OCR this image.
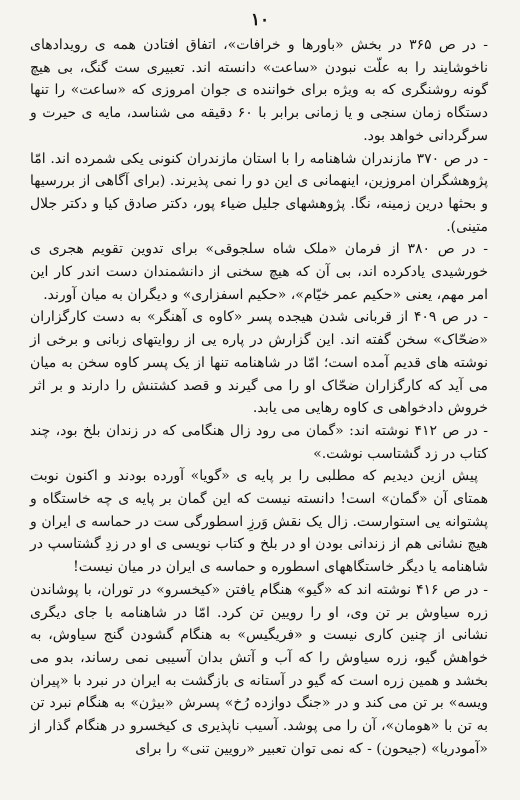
۱۰

- در ص ۳۶۵ در بخش «باورها و خرافات»، اتفاق افتادن همه ی رویدادهای ناخوشایند را به علّت نبودن «ساعت» دانسته اند. تعبیری ست گنگ، بی هیچ گونه روشنگری که به ویژه برای خواننده ی جوان امروزی که «ساعت» را تنها دستگاه زمان سنجی و یا زمانی برابر با ۶۰ دقیقه می شناسد، مایه ی حیرت و سرگردانی خواهد بود.

- در ص ۳۷۰ مازندران شاهنامه را با استان مازندران کنونی یکی شمرده اند. امّا پژوهشگران امروزین، اینهمانی ی این دو را نمی پذیرند. (برای آگاهی از بررسیها و بحثها درین زمینه، نگا. پژوهشهای جلیل ضیاء پور، دکتر صادق کیا و دکتر جلال متینی).

- در ص ۳۸۰ از فرمان «ملک شاه سلجوقی» برای تدوین تقویم هجری ی خورشیدی یادکرده اند، بی آن که هیچ سخنی از دانشمندان دست اندر کار این امر مهم، یعنی «حکیم عمر خیّام»، «حکیم اسفزاری» و دیگران به میان آورند.

- در ص ۴۰۹ از قربانی شدن هیجده پسر «کاوه ی آهنگر» به دست کارگزاران «ضحّاک» سخن گفته اند. این گزارش در پاره یی از روایتهای زبانی و برخی از نوشته های قدیم آمده است؛ امّا در شاهنامه تنها از یک پسر کاوه سخن به میان می آید که کارگزاران ضحّاک او را می گیرند و قصد کشتنش را دارند و بر اثر خروش دادخواهی ی کاوه رهایی می یابد.

- در ص ۴۱۲ نوشته اند: «گمان می رود زال هنگامی که در زندان بلخ بود، چند کتاب در زد گشتاسب نوشت.»

پیش ازین دیدیم که مطلبی را بر پایه ی «گویا» آورده بودند و اکنون نوبت همتای آن «گمان» است! دانسته نیست که این گمان بر پایه ی چه خاستگاه و پشتوانه یی استوارست. زال یک نقش وَرزِ اسطورگی ست در حماسه ی ایران و هیچ نشانی هم از زندانی بودن او در بلخ و کتاب نویسی ی او در زدِ گشتاسپ در شاهنامه یا دیگر خاستگاههای اسطوره و حماسه ی ایران در میان نیست!

- در ص ۴۱۶ نوشته اند که «گیو» هنگام یافتن «کیخسرو» در توران، با پوشاندن زره سیاوش بر تن وی، او را رویین تن کرد. امّا در شاهنامه با جای دیگری نشانی از چنین کاری نیست و «فریگیس» به هنگام گشودن گنج سیاوش، به خواهش گیو، زره سیاوش را که آب و آتش بدان آسیبی نمی رساند، بدو می بخشد و همین زره است که گیو در آستانه ی بازگشت به ایران در نبرد با «پیران ویسه» بر تن می کند و در «جنگ دوازده رُخ» پسرش «بیژن» به هنگام نبرد تن به تن با «هومان»، آن را می پوشد. آسیب ناپذیری ی کیخسرو در هنگام گذار از «آمودریا» (جیحون) - که نمی توان تعبیر «رویین تنی» را برای
